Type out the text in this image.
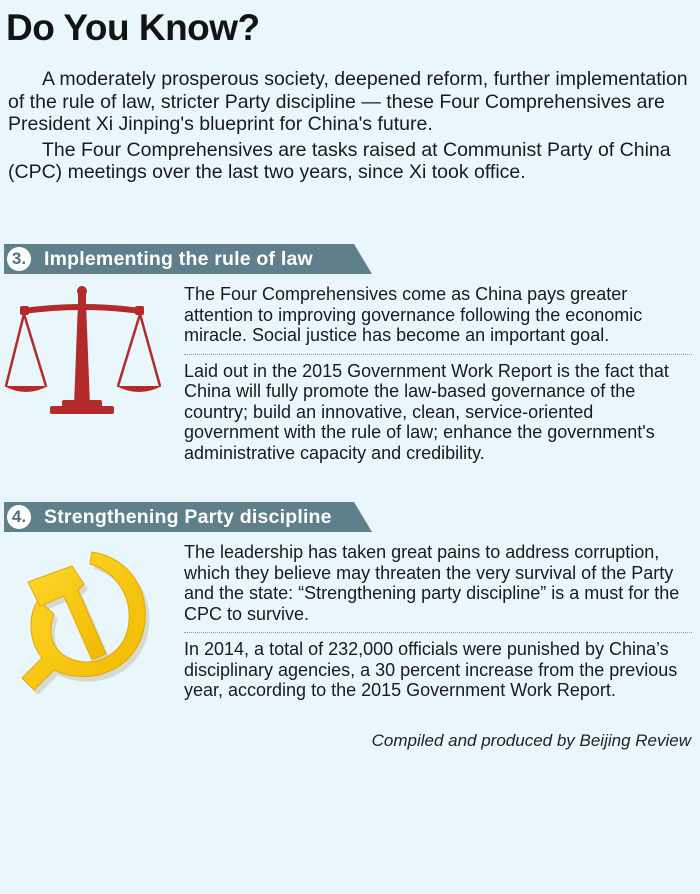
Do You Know?

A moderately prosperous society, deepened reform, further implementation of the rule of law, stricter Party discipline — these Four Comprehensives are President Xi Jinping's blueprint for China's future.

The Four Comprehensives are tasks raised at Communist Party of China (CPC) meetings over the last two years, since Xi took office.

3. Implementing the rule of law

The Four Comprehensives come as China pays greater attention to improving governance following the economic miracle. Social justice has become an important goal.

Laid out in the 2015 Government Work Report is the fact that China will fully promote the law-based governance of the country; build an innovative, clean, service-oriented government with the rule of law; enhance the government's administrative capacity and credibility.

4. Strengthening Party discipline

The leadership has taken great pains to address corruption, which they believe may threaten the very survival of the Party and the state: “Strengthening party discipline” is a must for the CPC to survive.

In 2014, a total of 232,000 officials were punished by China’s disciplinary agencies, a 30 percent increase from the previous year, according to the 2015 Government Work Report.

Compiled and produced by Beijing Review
